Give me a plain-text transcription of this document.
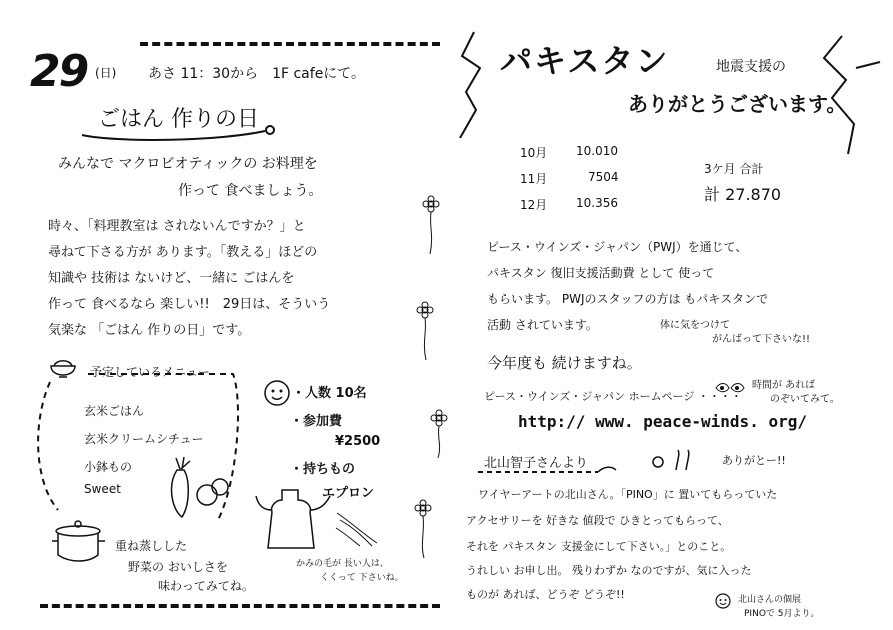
29 (日) あさ 11：30から　1F cafeにて。
ごはん 作りの日
みんなで マクロビオティックの お料理を
作って 食べましょう。
時々、「料理教室は されないんですか？」と
尋ねて下さる方が あります。「教える」ほどの
知識や 技術は ないけど、一緒に ごはんを
作って 食べるなら 楽しい!!　29日は、そういう
気楽な 「ごはん 作りの日」です。
予定しているメニュー
玄米ごはん
玄米クリームシチュー
小鉢もの
Sweet
重ね蒸しした
野菜の おいしさを
味わってみてね。
・人数 10名
・参加費
¥2500
・持ちもの
エプロン
かみの毛が 長い人は、
くくって 下さいね。
パキスタン	地震支援の
ありがとうございます。
10月 10.010
11月	7504
12月 10.356
3ケ月 合計
計 27.870
ピース・ウインズ・ジャパン（PWJ）を通じて、
パキスタン 復旧支援活動費 として 使って
もらいます。 PWJのスタッフの方は もパキスタンで
活動 されています。	体に気をつけて
がんばって下さいな!!
今年度も 続けますね。
ピース・ウインズ・ジャパン ホームページ ・・・・
時間が あれば
のぞいてみて。
http:// www. peace-winds. org/
北山智子さんより	ありがとー!!
ワイヤーアートの北山さん。「PINO」に 置いてもらっていた
アクセサリーを 好きな 値段で ひきとってもらって、
それを パキスタン 支援金にして下さい。」とのこと。
うれしい お申し出。 残りわずか なのですが、気に入った
ものが あれば、どうぞ どうぞ!!	北山さんの個展
PINOで 5月より。
